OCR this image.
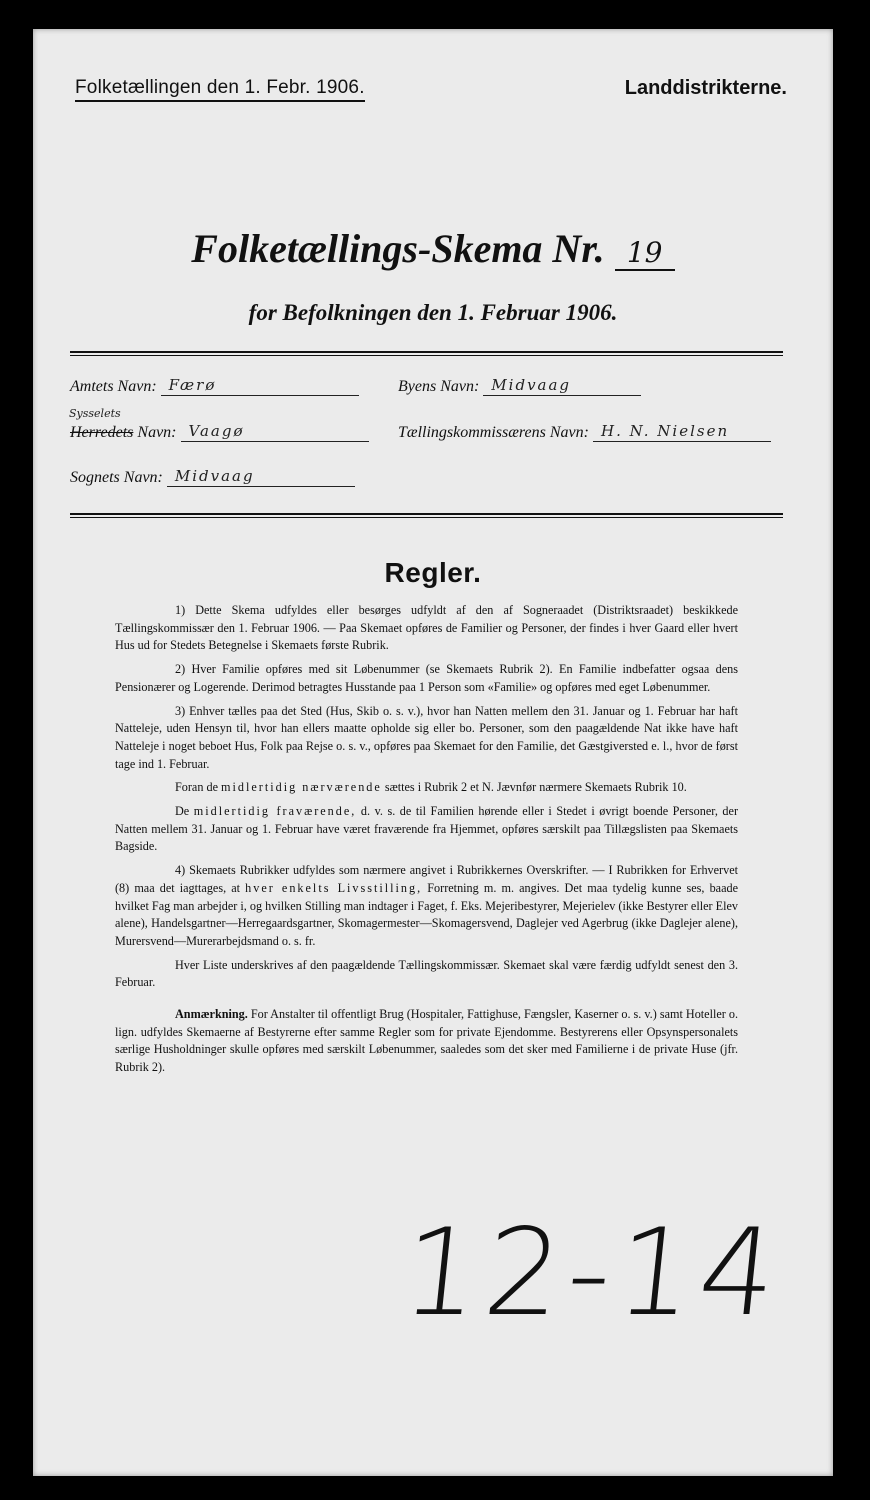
Folketællingen den 1. Febr. 1906.	Landdistrikterne.
Folketællings-Skema Nr. 19
for Befolkningen den 1. Februar 1906.
Amtets Navn: Færø	Byens Navn: Midvaag
Sysselets
Herredets Navn: Vaagø	Tællingskommissærens Navn: H. N. Nielsen
Sognets Navn: Midvaag
Regler.

1) Dette Skema udfyldes eller besørges udfyldt af den af Sogneraadet (Distriktsraadet) beskikkede Tællingskommissær den 1. Februar 1906. — Paa Skemaet opføres de Familier og Personer, der findes i hver Gaard eller hvert Hus ud for Stedets Betegnelse i Skemaets første Rubrik.

2) Hver Familie opføres med sit Løbenummer (se Skemaets Rubrik 2). En Familie indbefatter ogsaa dens Pensionærer og Logerende. Derimod betragtes Husstande paa 1 Person som «Familie» og opføres med eget Løbenummer.

3) Enhver tælles paa det Sted (Hus, Skib o. s. v.), hvor han Natten mellem den 31. Januar og 1. Februar har haft Natteleje, uden Hensyn til, hvor han ellers maatte opholde sig eller bo. Personer, som den paagældende Nat ikke have haft Natteleje i noget beboet Hus, Folk paa Rejse o. s. v., opføres paa Skemaet for den Familie, det Gæstgiversted e. l., hvor de først tage ind 1. Februar.

Foran de midlertidig nærværende sættes i Rubrik 2 et N. Jævnfør nærmere Skemaets Rubrik 10.

De midlertidig fraværende, d. v. s. de til Familien hørende eller i Stedet i øvrigt boende Personer, der Natten mellem 31. Januar og 1. Februar have været fraværende fra Hjemmet, opføres særskilt paa Tillægslisten paa Skemaets Bagside.

4) Skemaets Rubrikker udfyldes som nærmere angivet i Rubrikkernes Overskrifter. — I Rubrikken for Erhvervet (8) maa det iagttages, at hver enkelts Livsstilling, Forretning m. m. angives. Det maa tydelig kunne ses, baade hvilket Fag man arbejder i, og hvilken Stilling man indtager i Faget, f. Eks. Mejeribestyrer, Mejerielev (ikke Bestyrer eller Elev alene), Handelsgartner—Herregaardsgartner, Skomagermester—Skomagersvend, Daglejer ved Agerbrug (ikke Daglejer alene), Murersvend—Murerarbejdsmand o. s. fr.

Hver Liste underskrives af den paagældende Tællingskommissær. Skemaet skal være færdig udfyldt senest den 3. Februar.

Anmærkning. For Anstalter til offentligt Brug (Hospitaler, Fattighuse, Fængsler, Kaserner o. s. v.) samt Hoteller o. lign. udfyldes Skemaerne af Bestyrerne efter samme Regler som for private Ejendomme. Bestyrerens eller Opsynspersonalets særlige Husholdninger skulle opføres med særskilt Løbenummer, saaledes som det sker med Familierne i de private Huse (jfr. Rubrik 2).

12-14
